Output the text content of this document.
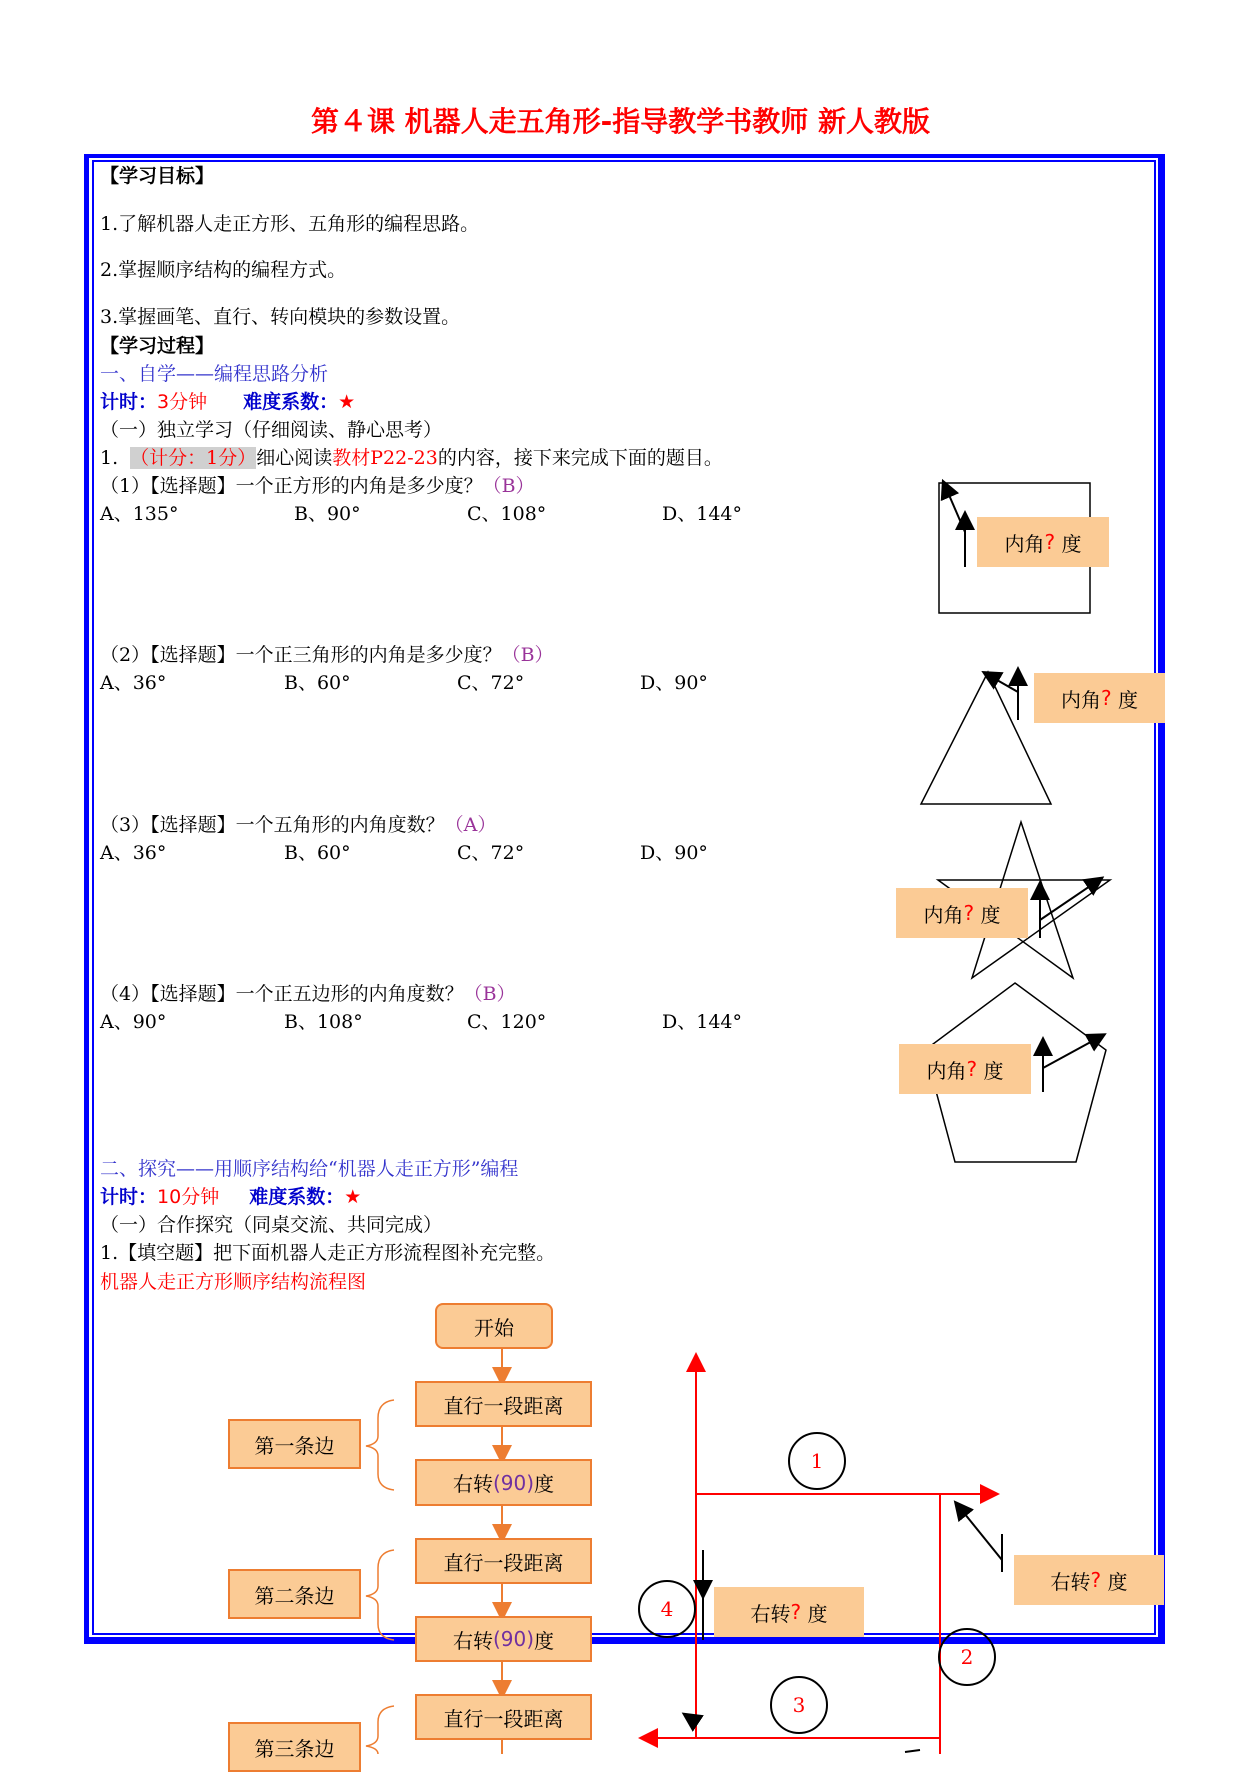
第４课 机器人走五角形-指导教学书教师 新人教版
【学习目标】
1.了解机器人走正方形、五角形的编程思路。
2.掌握顺序结构的编程方式。
3.掌握画笔、直行、转向模块的参数设置。
【学习过程】
一、自学——编程思路分析
计时：3分钟 难度系数：★
（一）独立学习（仔细阅读、静心思考）
1. （计分：1分）细心阅读教材P22-23的内容，接下来完成下面的题目。
（1）【选择题】一个正方形的内角是多少度？（B）
A、135°	B、90°	C、108°	D、144°
（2）【选择题】一个正三角形的内角是多少度？（B）
A、36°	B、60°	C、72°	D、90°
（3）【选择题】一个五角形的内角度数？（A）
A、36°	B、60°	C、72°	D、90°
（4）【选择题】一个正五边形的内角度数？（B）
A、90°	B、108°	C、120°	D、144°
二、探究——用顺序结构给“机器人走正方形”编程
计时：10分钟 难度系数：★
（一）合作探究（同桌交流、共同完成）
1.【填空题】把下面机器人走正方形流程图补充完整。
机器人走正方形顺序结构流程图
内角 ?
度
内角 ?
度
内角 ?
度
内角 ?
度
开始
直行一段距离
右转 (90) 度
直行一段距离
右转 (90) 度
直行一段距离
第一条边
第二条边
第三条边
1
2
3
4
右转 ?
度
右转 ?
度
